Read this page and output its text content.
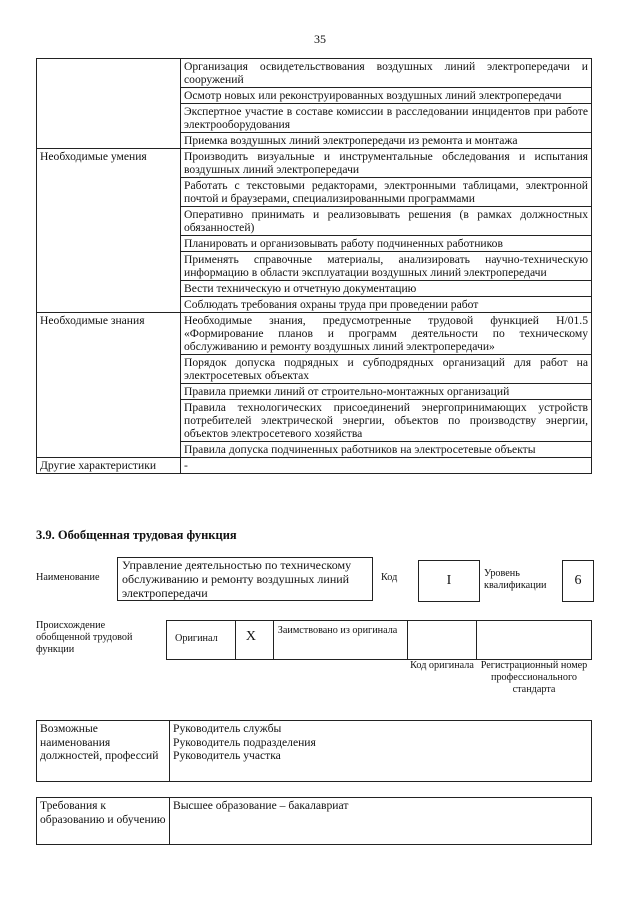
35
	Организация освидетельствования воздушных линий электропередачи и сооружений
	Осмотр новых или реконструированных воздушных линий электропередачи
	Экспертное участие в составе комиссии в расследовании инцидентов при работе электрооборудования
	Приемка воздушных линий электропередачи из ремонта и монтажа
Необходимые умения	Производить визуальные и инструментальные обследования и испытания воздушных линий электропередачи
	Работать с текстовыми редакторами, электронными таблицами, электронной почтой и браузерами, специализированными программами
	Оперативно принимать и реализовывать решения (в рамках должностных обязанностей)
	Планировать и организовывать работу подчиненных работников
	Применять справочные материалы, анализировать научно-техническую информацию в области эксплуатации воздушных линий электропередачи
	Вести техническую и отчетную документацию
	Соблюдать требования охраны труда при проведении работ
Необходимые знания	Необходимые знания, предусмотренные трудовой функцией Н/01.5 «Формирование планов и программ деятельности по техническому обслуживанию и ремонту воздушных линий электропередачи»
	Порядок допуска подрядных и субподрядных организаций для работ на электросетевых объектах
	Правила приемки линий от строительно-монтажных организаций
	Правила технологических присоединений энергопринимающих устройств потребителей электрической энергии, объектов по производству энергии, объектов электросетевого хозяйства
	Правила допуска подчиненных работников на электросетевые объекты
Другие характеристики	-
3.9. Обобщенная трудовая функция
Наименование
Управление деятельностью по техническому обслуживанию и ремонту воздушных линий электропередачи
Код	I	Уровень квалификации	6
Происхождение обобщенной трудовой функции
Оригинал X Заимствовано из оригинала
Код оригинала Регистрационный номер профессионального стандарта
Возможные наименования должностей, профессий	
Руководитель службы
Руководитель подразделения
Руководитель участка
Требования к образованию и обучению	Высшее образование – бакалавриат
